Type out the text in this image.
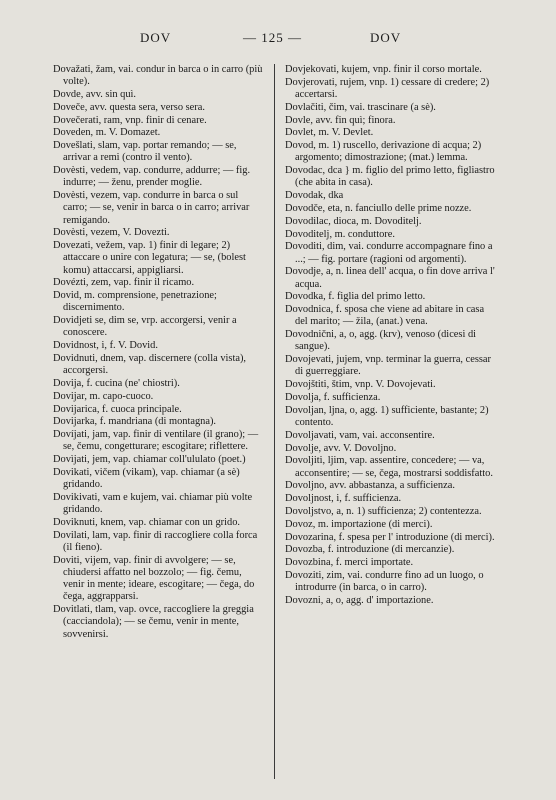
DOV	— 125 —	DOV
Dovažati, žam, vai. condur in barca o in carro (più volte).
Dovde, avv. sin quì.
Doveče, avv. questa sera, verso sera.
Dovečerati, ram, vnp. finir di cenare.
Doveden, m. V. Domazet.
Dovešlati, slam, vap. portar remando; — se, arrivar a remi (contro il vento).
Dovèsti, vedem, vap. condurre, addurre; — fig. indurre; — ženu, prender moglie.
Dovèsti, vezem, vap. condurre in barca o sul carro; — se, venir in barca o in carro; arrivar remigando.
Dovèsti, vezem, V. Dovezti.
Dovezati, vežem, vap. 1) finir di legare; 2) attaccare o unire con legatura; — se, (bolest komu) attaccarsi, appigliarsi.
Dovézti, zem, vap. finir il ricamo.
Dovid, m. comprensione, penetrazione; discernimento.
Dovidjeti se, dim se, vrp. accorgersi, venir a conoscere.
Dovidnost, i, f. V. Dovid.
Dovidnuti, dnem, vap. discernere (colla vista), accorgersi.
Dovija, f. cucina (ne' chiostri).
Dovijar, m. capo-cuoco.
Dovijarica, f. cuoca principale.
Dovijarka, f. mandriana (di montagna).
Dovíjati, jam, vap. finir di ventilare (il grano); — se, čemu, congetturare; escogitare; riflettere.
Dovìjati, jem, vap. chiamar coll'ululato (poet.)
Dovikati, vičem (vikam), vap. chiamar (a sè) gridando.
Dovikivati, vam e kujem, vai. chiamar più volte gridando.
Doviknuti, knem, vap. chiamar con un grido.
Dovilati, lam, vap. finir di raccogliere colla forca (il fieno).
Doviti, vijem, vap. finir di avvolgere; — se, chiudersi affatto nel bozzolo; — fig. čemu, venir in mente; ideare, escogitare; — čega, do čega, aggrapparsi.
Dovitlati, tlam, vap. ovce, raccogliere la greggia (cacciandola); — se čemu, venir in mente, sovvenirsi.
Dovjekovati, kujem, vnp. finir il corso mortale.
Dovjerovati, rujem, vnp. 1) cessare di credere; 2) accertarsi.
Dovlačiti, čim, vai. trascinare (a sè).
Dovle, avv. fin quì; finora.
Dovlet, m. V. Devlet.
Dovod, m. 1) ruscello, derivazione di acqua; 2) argomento; dimostrazione; (mat.) lemma.
Dovodac, dca } m. figlio del primo letto, figliastro (che abita in casa).
Dovodak, dka
Dovodče, eta, n. fanciullo delle prime nozze.
Dovodilac, dioca, m. Dovoditelj.
Dovoditelj, m. conduttore.
Dovoditi, dim, vai. condurre accompagnare fino a ...; — fig. portare (ragioni od argomenti).
Dovodje, a, n. linea dell' acqua, o fin dove arriva l' acqua.
Dovodka, f. figlia del primo letto.
Dovodnica, f. sposa che viene ad abitare in casa del marito; — žila, (anat.) vena.
Dovodnični, a, o, agg. (krv), venoso (dicesi di sangue).
Dovojevati, jujem, vnp. terminar la guerra, cessar di guerreggiare.
Dovojštiti, štim, vnp. V. Dovojevati.
Dovolja, f. sufficienza.
Dovoljan, ljna, o, agg. 1) sufficiente, bastante; 2) contento.
Dovoljavati, vam, vai. acconsentire.
Dovolje, avv. V. Dovoljno.
Dovoljiti, ljim, vap. assentire, concedere; — va, acconsentire; — se, čega, mostrarsi soddisfatto.
Dovoljno, avv. abbastanza, a sufficienza.
Dovoljnost, i, f. sufficienza.
Dovoljstvo, a, n. 1) sufficienza; 2) contentezza.
Dovoz, m. importazione (di merci).
Dovozarina, f. spesa per l' introduzione (di merci).
Dovozba, f. introduzione (di mercanzie).
Dovozbina, f. merci importate.
Dovoziti, zim, vai. condurre fino ad un luogo, o introdurre (in barca, o in carro).
Dovozni, a, o, agg. d' importazione.
